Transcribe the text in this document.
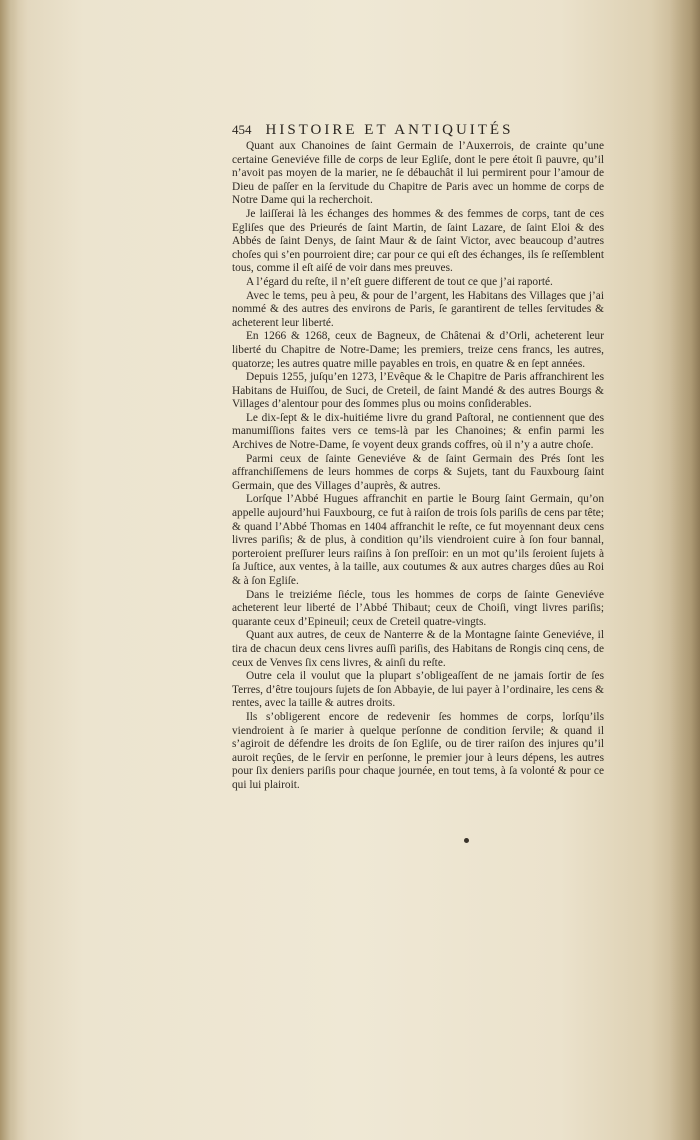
454 HISTOIRE ET ANTIQUITÉS

Quant aux Chanoines de ſaint Germain de l’Auxerrois, de crainte qu’une certaine Geneviéve fille de corps de leur Egliſe, dont le pere étoit ſi pauvre, qu’il n’avoit pas moyen de la marier, ne ſe débauchât il lui permirent pour l’amour de Dieu de paſſer en la ſervitude du Chapitre de Paris avec un homme de corps de Notre Dame qui la recherchoit.

Je laiſſerai là les échanges des hommes & des femmes de corps, tant de ces Egliſes que des Prieurés de ſaint Martin, de ſaint Lazare, de ſaint Eloi & des Abbés de ſaint Denys, de ſaint Maur & de ſaint Victor, avec beaucoup d’autres choſes qui s’en pourroient dire; car pour ce qui eſt des échanges, ils ſe reſſemblent tous, comme il eſt aiſé de voir dans mes preuves.

A l’égard du reſte, il n’eſt guere different de tout ce que j’ai raporté.

Avec le tems, peu à peu, & pour de l’argent, les Habitans des Villages que j’ai nommé & des autres des environs de Paris, ſe garantirent de telles ſervitudes & acheterent leur liberté.

En 1266 & 1268, ceux de Bagneux, de Châtenai & d’Orli, acheterent leur liberté du Chapitre de Notre-Dame; les premiers, treize cens francs, les autres, quatorze; les autres quatre mille payables en trois, en quatre & en ſept années.

Depuis 1255, juſqu’en 1273, l’Evêque & le Chapitre de Paris affranchirent les Habitans de Huiſſou, de Suci, de Creteil, de ſaint Mandé & des autres Bourgs & Villages d’alentour pour des ſommes plus ou moins conſiderables.

Le dix-ſept & le dix-huitiéme livre du grand Paſtoral, ne contiennent que des manumiſſions faites vers ce tems-là par les Chanoines; & enfin parmi les Archives de Notre-Dame, ſe voyent deux grands coffres, où il n’y a autre choſe.

Parmi ceux de ſainte Geneviéve & de ſaint Germain des Prés ſont les affranchiſſemens de leurs hommes de corps & Sujets, tant du Fauxbourg ſaint Germain, que des Villages d’auprès, & autres.

Lorſque l’Abbé Hugues affranchit en partie le Bourg ſaint Germain, qu’on appelle aujourd’hui Fauxbourg, ce fut à raiſon de trois ſols pariſis de cens par tête; & quand l’Abbé Thomas en 1404 affranchit le reſte, ce fut moyennant deux cens livres pariſis; & de plus, à condition qu’ils viendroient cuire à ſon four bannal, porteroient preſſurer leurs raiſins à ſon preſſoir: en un mot qu’ils ſeroient ſujets à ſa Juſtice, aux ventes, à la taille, aux coutumes & aux autres charges dûes au Roi & à ſon Egliſe.

Dans le treiziéme ſiécle, tous les hommes de corps de ſainte Geneviéve acheterent leur liberté de l’Abbé Thibaut; ceux de Choiſi, vingt livres pariſis; quarante ceux d’Epineuil; ceux de Creteil quatre-vingts.

Quant aux autres, de ceux de Nanterre & de la Montagne ſainte Geneviéve, il tira de chacun deux cens livres auſſi pariſis, des Habitans de Rongis cinq cens, de ceux de Venves ſix cens livres, & ainſi du reſte.

Outre cela il voulut que la plupart s’obligeaſſent de ne jamais ſortir de ſes Terres, d’être toujours ſujets de ſon Abbayie, de lui payer à l’ordinaire, les cens & rentes, avec la taille & autres droits.

Ils s’obligerent encore de redevenir ſes hommes de corps, lorſqu’ils viendroient à ſe marier à quelque perſonne de condition ſervile; & quand il s’agiroit de défendre les droits de ſon Egliſe, ou de tirer raiſon des injures qu’il auroit reçûes, de le ſervir en perſonne, le premier jour à leurs dépens, les autres pour ſix deniers pariſis pour chaque journée, en tout tems, à ſa volonté & pour ce qui lui plairoit.
